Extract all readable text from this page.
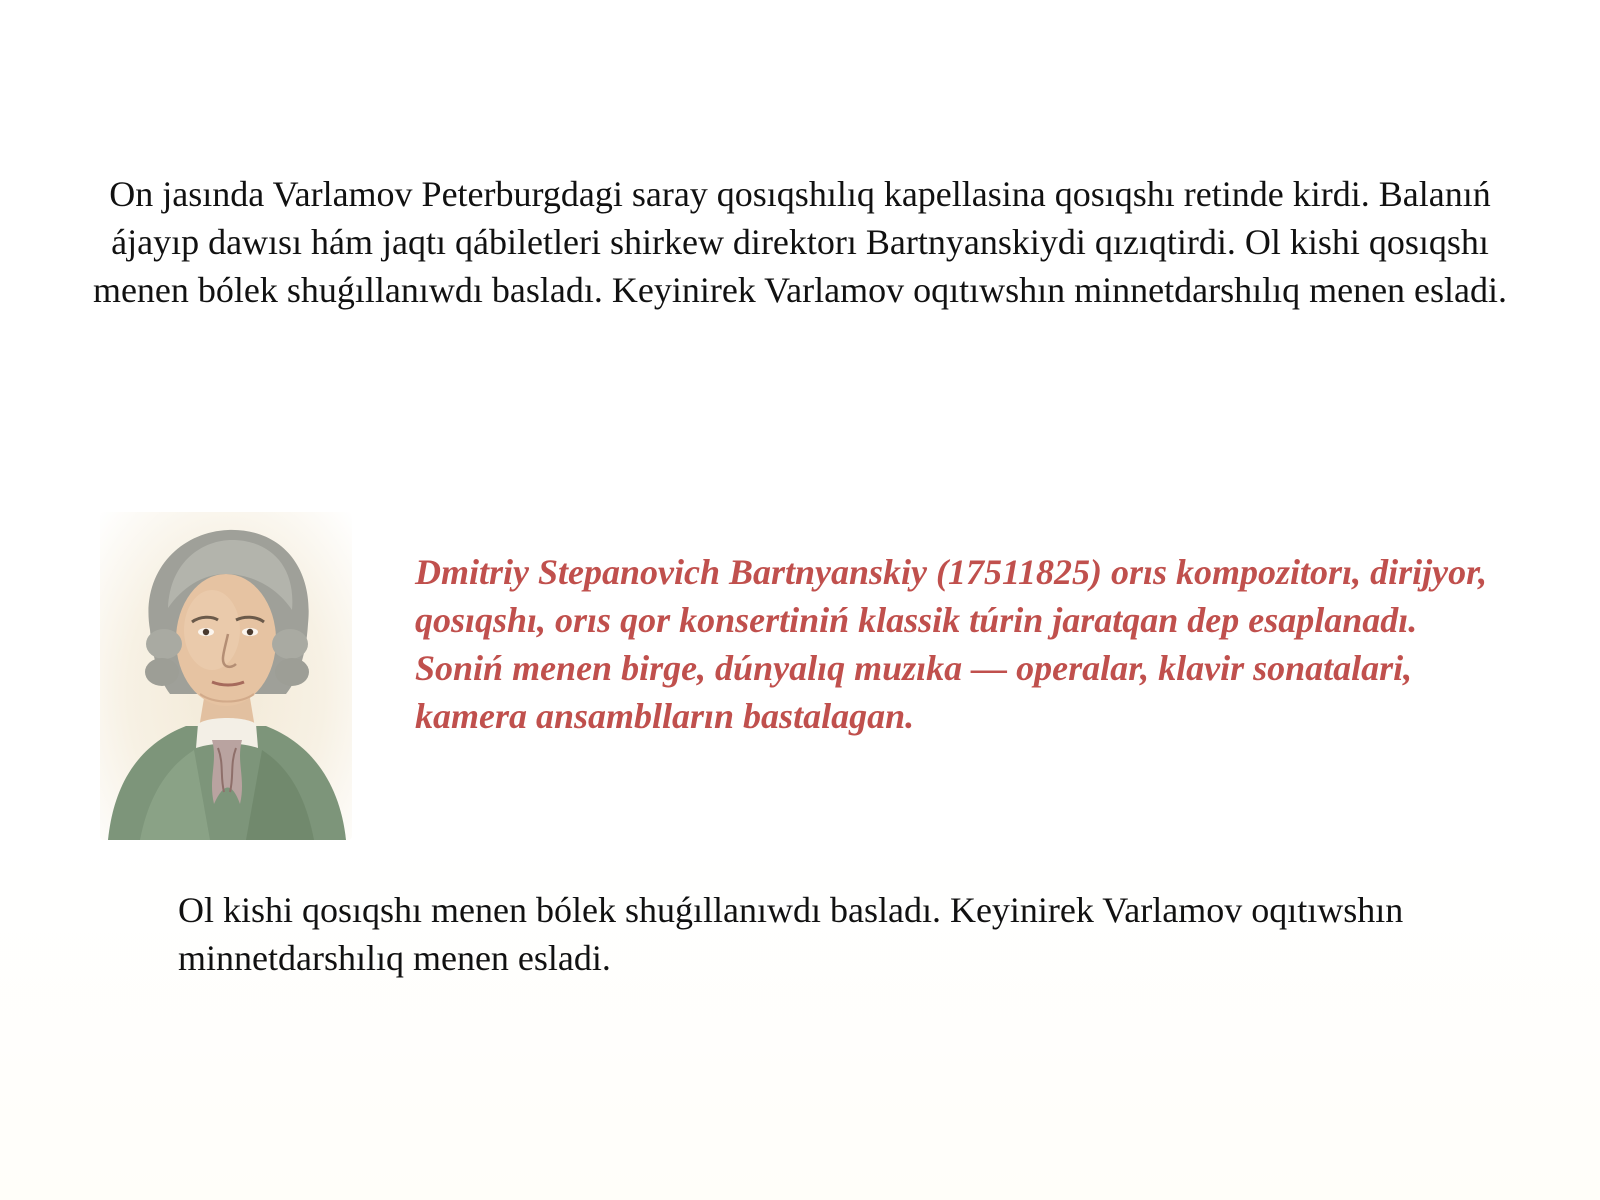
On jasında Varlamov Peterburgdagi saray qosıqshılıq kapellasina qosıqshı retinde kirdi. Balanıń ájayıp dawısı hám jaqtı qábiletleri shirkew direktorı Bartnyanskiydi qızıqtirdi. Ol kishi qosıqshı menen bólek shuǵıllanıwdı basladı. Keyinirek Varlamov oqıtıwshın minnetdarshılıq menen esladi.

Dmitriy Stepanovich Bartnyanskiy (17511825) orıs kompozitorı, dirijyor, qosıqshı, orıs qor konsertiniń klassik túrin jaratqan dep esaplanadı. Soniń menen birge, dúnyalıq muzıka — operalar, klavir sonatalari, kamera ansamblların bastalagan.

Ol kishi qosıqshı menen bólek shuǵıllanıwdı basladı. Keyinirek Varlamov oqıtıwshın minnetdarshılıq menen esladi.
